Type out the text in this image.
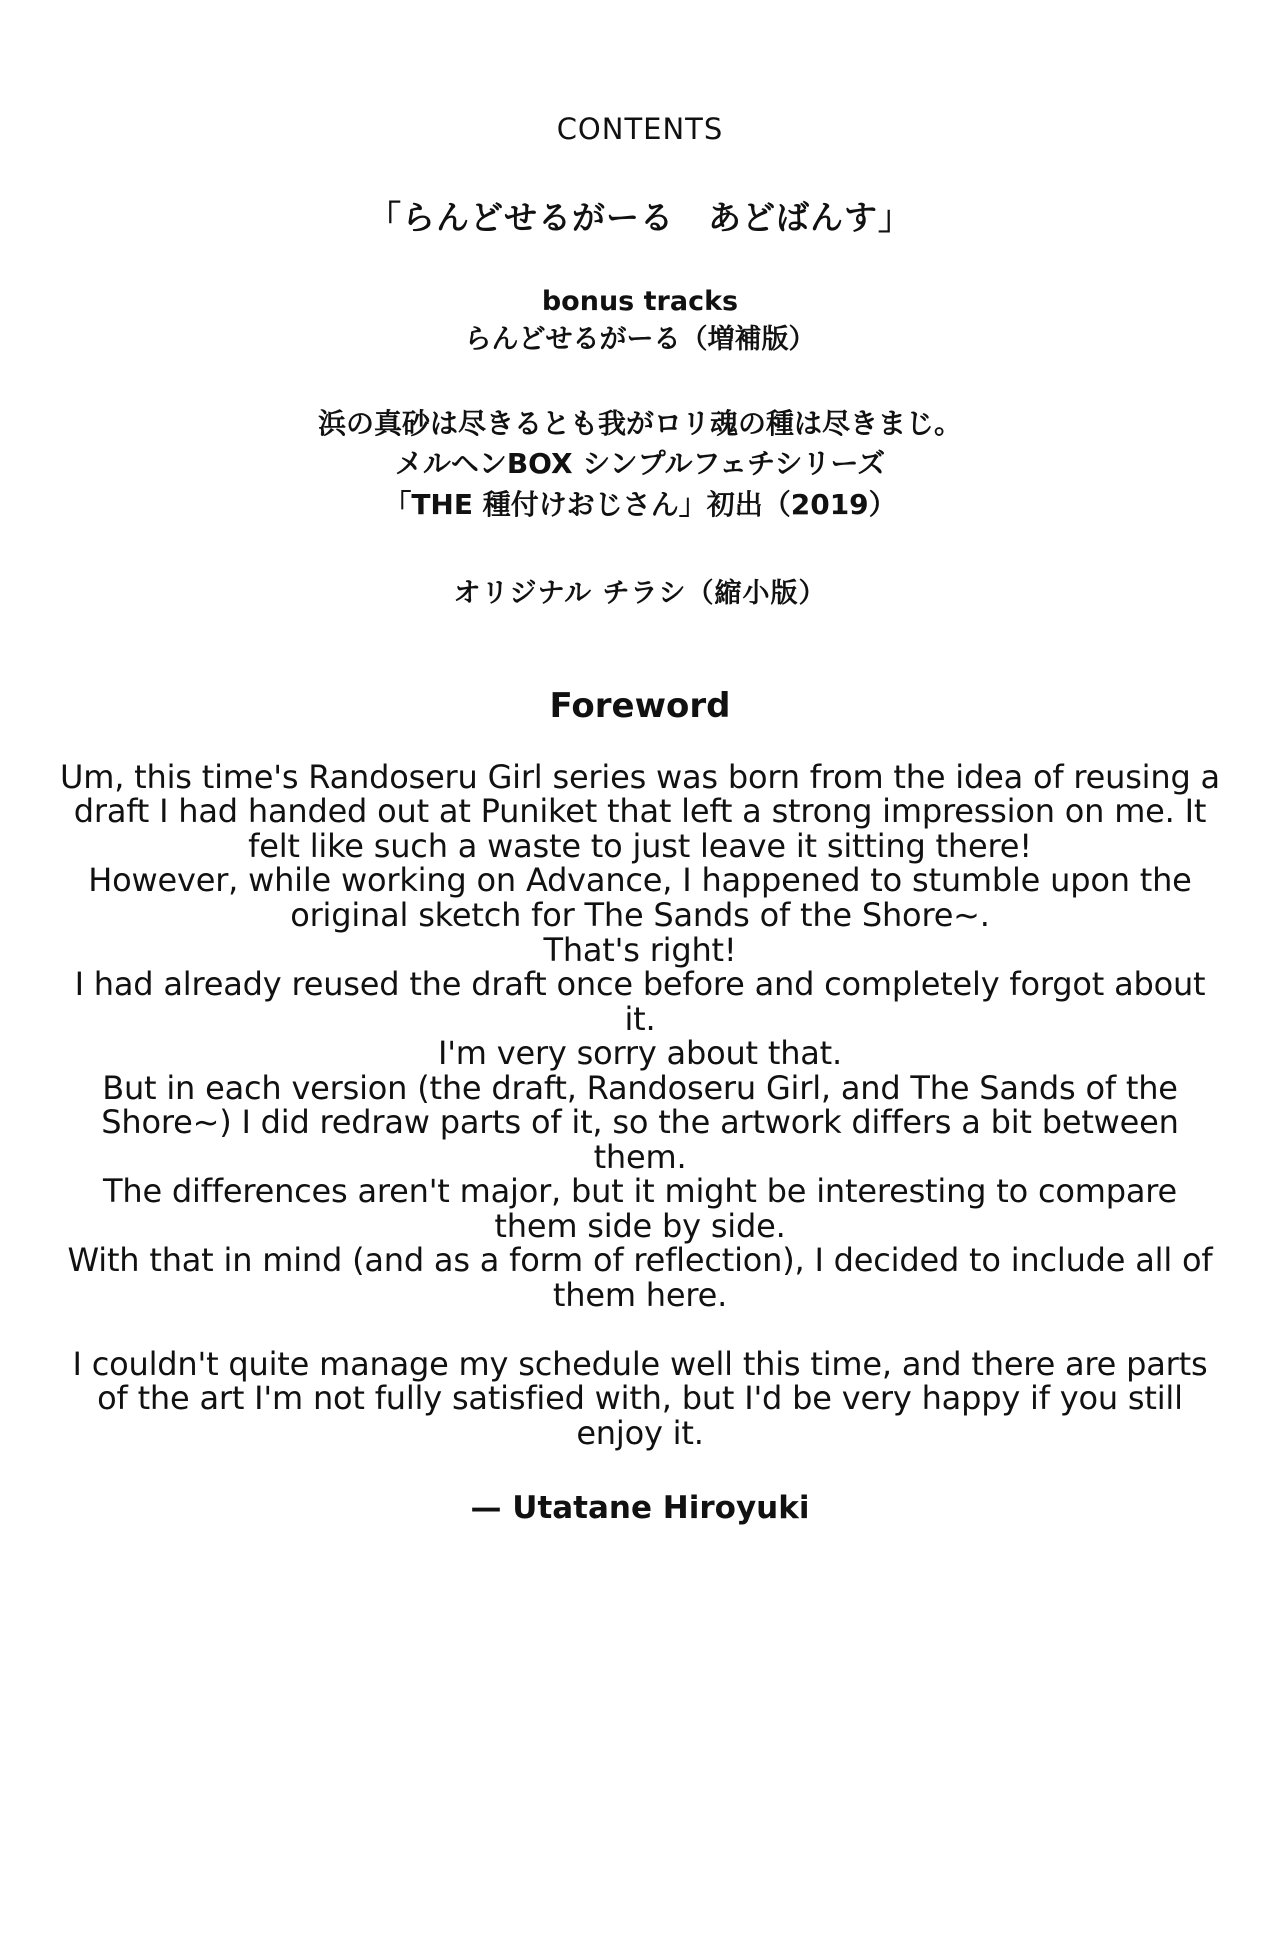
CONTENTS
「らんどせるがーる　あどばんす」
bonus tracks
らんどせるがーる（増補版）
浜の真砂は尽きるとも我がロリ魂の種は尽きまじ。
メルヘンBOX シンプルフェチシリーズ
「THE 種付けおじさん」初出（2019）
オリジナル チラシ（縮小版）
Foreword

Um, this time's Randoseru Girl series was born from the idea of reusing a draft I had handed out at Puniket that left a strong impression on me. It felt like such a waste to just leave it sitting there!

However, while working on Advance, I happened to stumble upon the original sketch for The Sands of the Shore~.

That's right!

I had already reused the draft once before and completely forgot about it.

I'm very sorry about that.

But in each version (the draft, Randoseru Girl, and The Sands of the Shore~) I did redraw parts of it, so the artwork differs a bit between them.

The differences aren't major, but it might be interesting to compare them side by side.

With that in mind (and as a form of reflection), I decided to include all of them here.

I couldn't quite manage my schedule well this time, and there are parts of the art I'm not fully satisfied with, but I'd be very happy if you still enjoy it.

— Utatane Hiroyuki
